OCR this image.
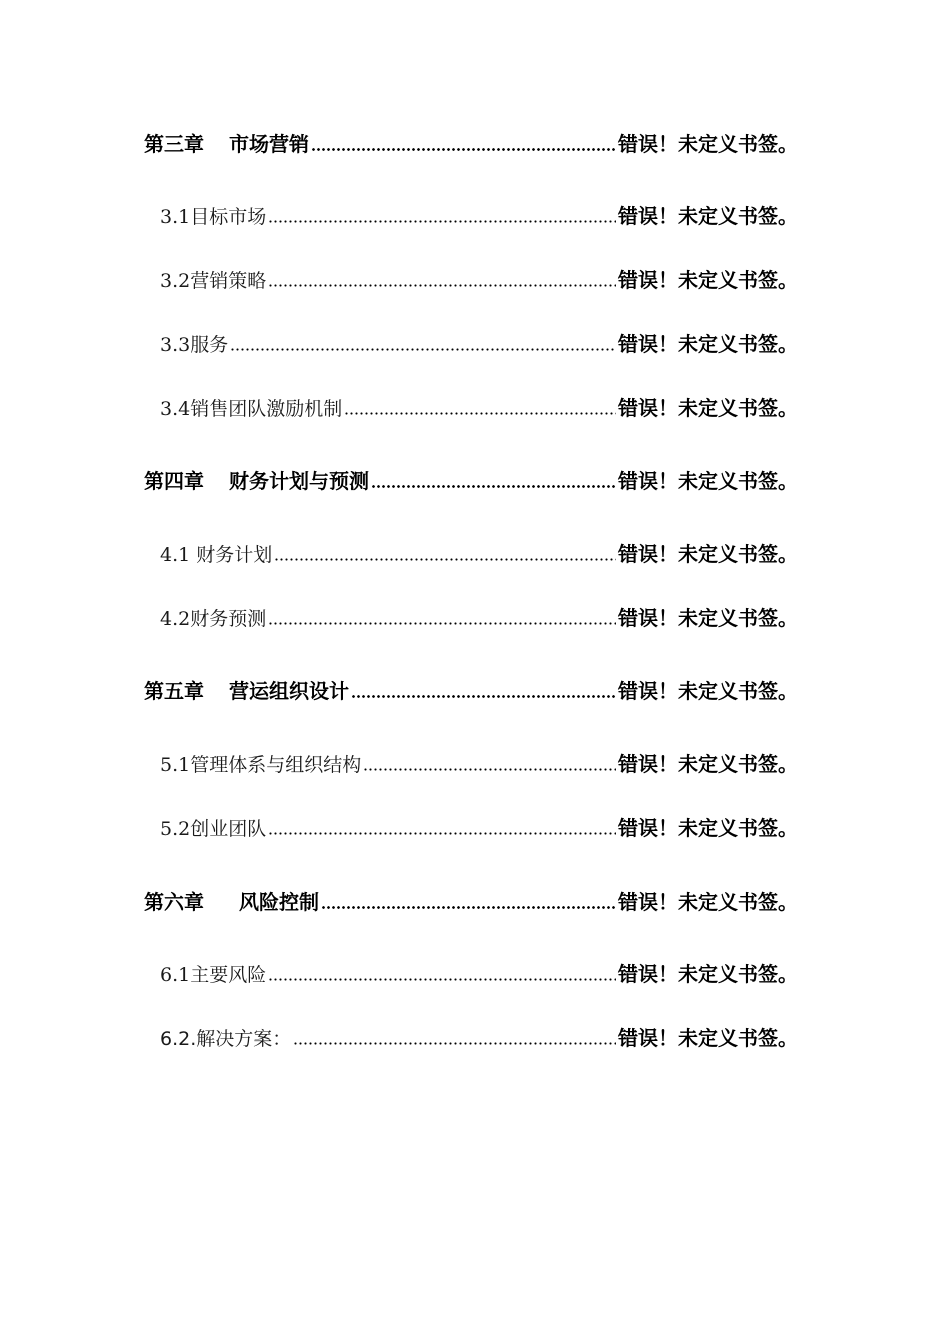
第三章 市场营销	错误！未定义书签。
3.1目标市场	错误！未定义书签。
3.2营销策略	错误！未定义书签。
3.3服务	错误！未定义书签。
3.4销售团队激励机制	错误！未定义书签。
第四章 财务计划与预测	错误！未定义书签。
4.1 财务计划	错误！未定义书签。
4.2财务预测	错误！未定义书签。
第五章 营运组织设计	错误！未定义书签。
5.1管理体系与组织结构	错误！未定义书签。
5.2创业团队	错误！未定义书签。
第六章 风险控制	错误！未定义书签。
6.1主要风险	错误！未定义书签。
6.2.解决方案：	错误！未定义书签。
